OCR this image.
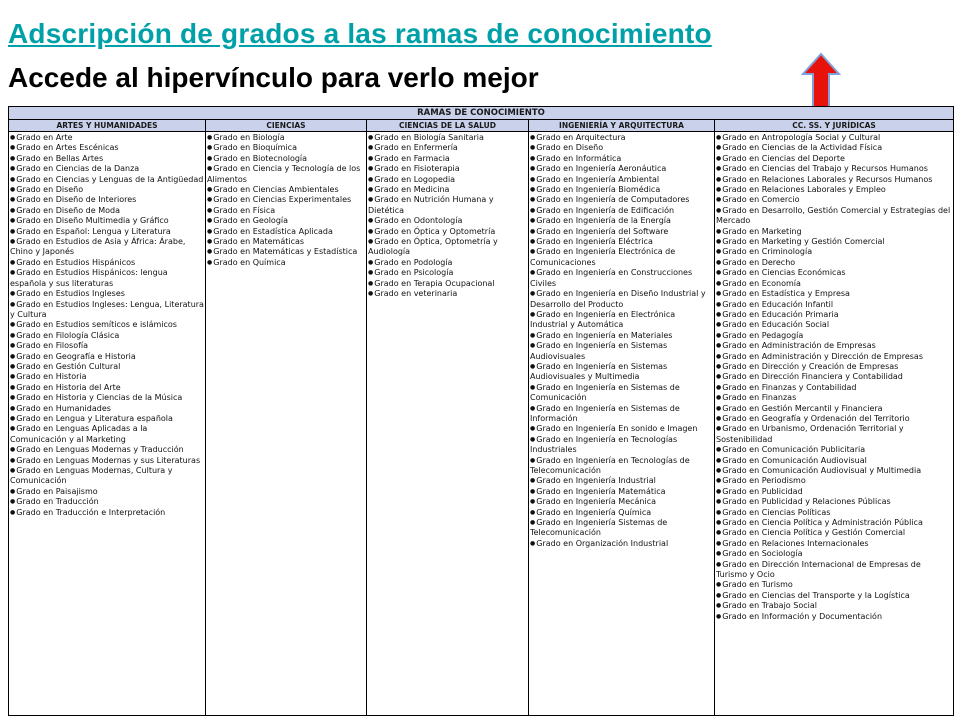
Adscripción de grados a las ramas de conocimiento
Accede al hipervínculo para verlo mejor
RAMAS DE CONOCIMIENTO
ARTES Y HUMANIDADES
● Grado en Arte
● Grado en Artes Escénicas
● Grado en Bellas Artes
● Grado en Ciencias de la Danza
● Grado en Ciencias y Lenguas de la Antigüedad
● Grado en Diseño
● Grado en Diseño de Interiores
● Grado en Diseño de Moda
● Grado en Diseño Multimedia y Gráfico
● Grado en Español: Lengua y Literatura
● Grado en Estudios de Asia y África: Árabe, Chino y Japonés
● Grado en Estudios Hispánicos
● Grado en Estudios Hispánicos: lengua española y sus literaturas
● Grado en Estudios Ingleses
● Grado en Estudios Ingleses: Lengua, Literatura y Cultura
● Grado en Estudios semíticos e islámicos
● Grado en Filología Clásica
● Grado en Filosofía
● Grado en Geografía e Historia
● Grado en Gestión Cultural
● Grado en Historia
● Grado en Historia del Arte
● Grado en Historia y Ciencias de la Música
● Grado en Humanidades
● Grado en Lengua y Literatura española
● Grado en Lenguas Aplicadas a la Comunicación y al Marketing
● Grado en Lenguas Modernas y Traducción
● Grado en Lenguas Modernas y sus Literaturas
● Grado en Lenguas Modernas, Cultura y Comunicación
● Grado en Paisajismo
● Grado en Traducción
● Grado en Traducción e Interpretación
CIENCIAS
● Grado en Biología
● Grado en Bioquímica
● Grado en Biotecnología
● Grado en Ciencia y Tecnología de los Alimentos
● Grado en Ciencias Ambientales
● Grado en Ciencias Experimentales
● Grado en Física
● Grado en Geología
● Grado en Estadística Aplicada
● Grado en Matemáticas
● Grado en Matemáticas y Estadística
● Grado en Química
CIENCIAS DE LA SALUD
● Grado en Biología Sanitaria
● Grado en Enfermería
● Grado en Farmacia
● Grado en Fisioterapia
● Grado en Logopedia
● Grado en Medicina
● Grado en Nutrición Humana y Dietética
● Grado en Odontología
● Grado en Óptica y Optometría
● Grado en Óptica, Optometría y Audiología
● Grado en Podología
● Grado en Psicología
● Grado en Terapia Ocupacional
● Grado en veterinaria
INGENIERÍA Y ARQUITECTURA
● Grado en Arquitectura
● Grado en Diseño
● Grado en Informática
● Grado en Ingeniería Aeronáutica
● Grado en Ingeniería Ambiental
● Grado en Ingeniería Biomédica
● Grado en Ingeniería de Computadores
● Grado en Ingeniería de Edificación
● Grado en Ingeniería de la Energía
● Grado en Ingeniería del Software
● Grado en Ingeniería Eléctrica
● Grado en Ingeniería Electrónica de Comunicaciones
● Grado en Ingeniería en Construcciones Civiles
● Grado en Ingeniería en Diseño Industrial y Desarrollo del Producto
● Grado en Ingeniería en Electrónica Industrial y Automática
● Grado en Ingeniería en Materiales
● Grado en Ingeniería en Sistemas Audiovisuales
● Grado en Ingeniería en Sistemas Audiovisuales y Multimedia
● Grado en Ingeniería en Sistemas de Comunicación
● Grado en Ingeniería en Sistemas de Información
● Grado en Ingeniería En sonido e Imagen
● Grado en Ingeniería en Tecnologías Industriales
● Grado en Ingeniería en Tecnologías de Telecomunicación
● Grado en Ingeniería Industrial
● Grado en Ingeniería Matemática
● Grado en Ingeniería Mecánica
● Grado en Ingeniería Química
● Grado en Ingeniería Sistemas de Telecomunicación
● Grado en Organización Industrial
CC. SS. Y JURÍDICAS
● Grado en Antropología Social y Cultural
● Grado en Ciencias de la Actividad Física
● Grado en Ciencias del Deporte
● Grado en Ciencias del Trabajo y Recursos Humanos
● Grado en Relaciones Laborales y Recursos Humanos
● Grado en Relaciones Laborales y Empleo
● Grado en Comercio
● Grado en Desarrollo, Gestión Comercial y Estrategias del Mercado
● Grado en Marketing
● Grado en Marketing y Gestión Comercial
● Grado en Criminología
● Grado en Derecho
● Grado en Ciencias Económicas
● Grado en Economía
● Grado en Estadística y Empresa
● Grado en Educación Infantil
● Grado en Educación Primaria
● Grado en Educación Social
● Grado en Pedagogía
● Grado en Administración de Empresas
● Grado en Administración y Dirección de Empresas
● Grado en Dirección y Creación de Empresas
● Grado en Dirección Financiera y Contabilidad
● Grado en Finanzas y Contabilidad
● Grado en Finanzas
● Grado en Gestión Mercantil y Financiera
● Grado en Geografía y Ordenación del Territorio
● Grado en Urbanismo, Ordenación Territorial y Sostenibilidad
● Grado en Comunicación Publicitaria
● Grado en Comunicación Audiovisual
● Grado en Comunicación Audiovisual y Multimedia
● Grado en Periodismo
● Grado en Publicidad
● Grado en Publicidad y Relaciones Públicas
● Grado en Ciencias Políticas
● Grado en Ciencia Política y Administración Pública
● Grado en Ciencia Política y Gestión Comercial
● Grado en Relaciones Internacionales
● Grado en Sociología
● Grado en Dirección Internacional de Empresas de Turismo y Ocio
● Grado en Turismo
● Grado en Ciencias del Transporte y la Logística
● Grado en Trabajo Social
● Grado en Información y Documentación
